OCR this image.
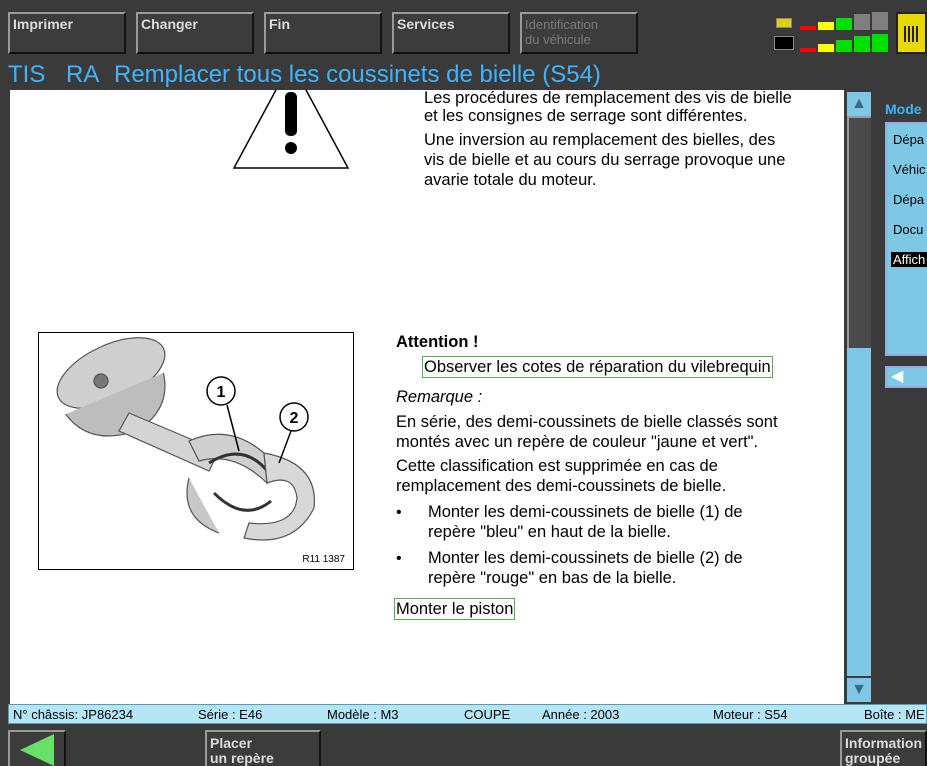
Imprimer	Changer	Fin	Services	Identification
du véhicule
TIS RA Remplacer tous les coussinets de bielle (S54)
Les procédures de remplacement des vis de bielle
et les consignes de serrage sont différentes.
Une inversion au remplacement des bielles, des
vis de bielle et au cours du serrage provoque une
avarie totale du moteur.
1
2
R11 1387
Attention !
Observer les cotes de réparation du vilebrequin
Remarque :
En série, des demi-coussinets de bielle classés sont
montés avec un repère de couleur "jaune et vert".
Cette classification est supprimée en cas de
remplacement des demi-coussinets de bielle.
• Monter les demi-coussinets de bielle (1) de
repère "bleu" en haut de la bielle.
• Monter les demi-coussinets de bielle (2) de
repère "rouge" en bas de la bielle.
Monter le piston
▲
▼
Mode
Dépa
Véhic
Dépa
Docu
Affich
◀
N° châssis: JP86234	Série : E46	Modèle : M3	COUPE Année : 2003	Moteur : S54	Boîte : ME
Placer
un repère
Information
groupée
